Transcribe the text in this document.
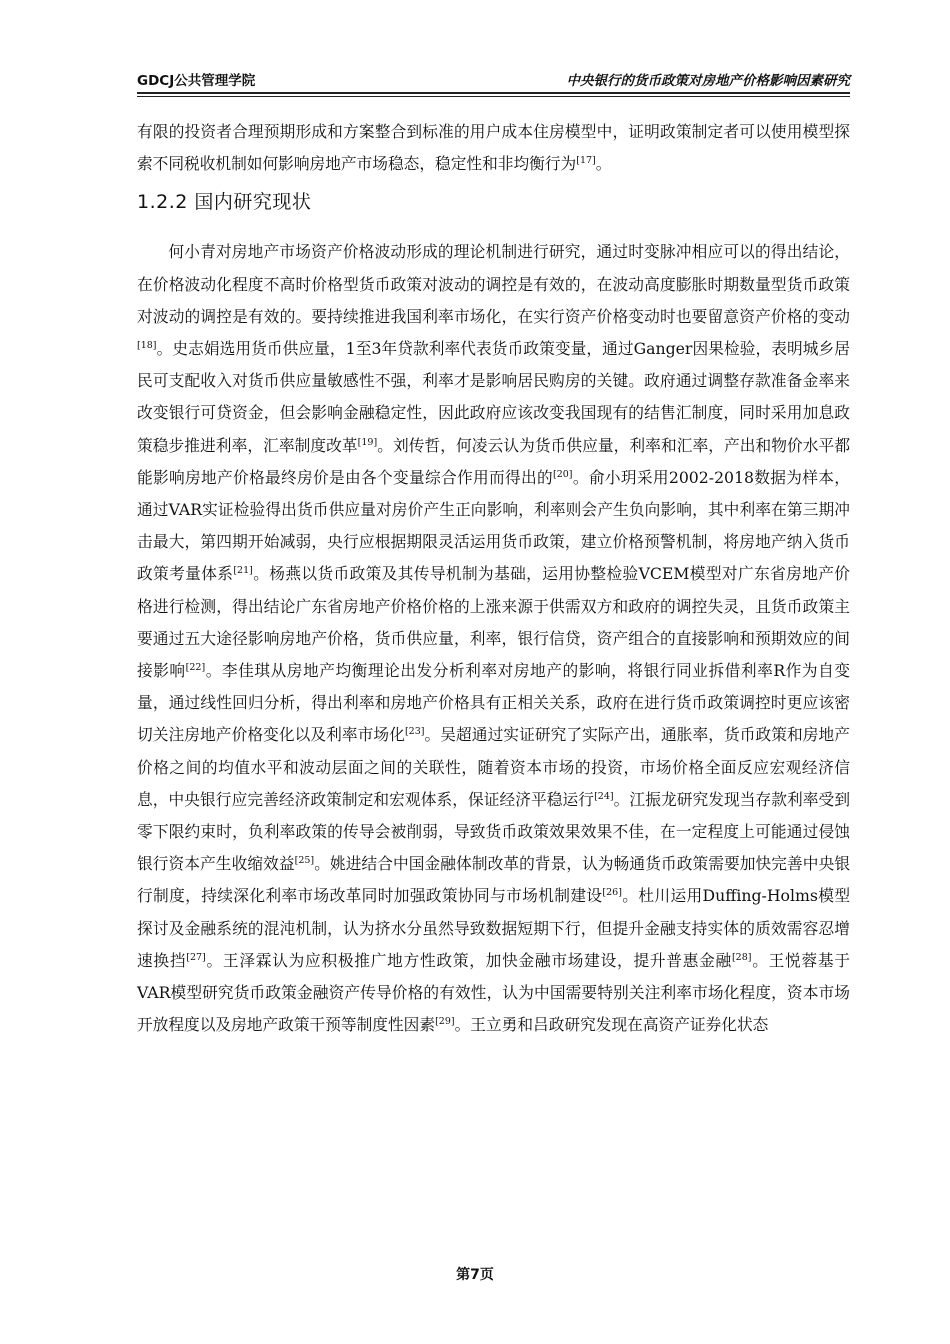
GDCJ公共管理学院	中央银行的货币政策对房地产价格影响因素研究

有限的投资者合理预期形成和方案整合到标准的用户成本住房模型中，证明政策制定者可以使用模型探索不同税收机制如何影响房地产市场稳态，稳定性和非均衡行为[17]。

1.2.2 国内研究现状

何小青对房地产市场资产价格波动形成的理论机制进行研究，通过时变脉冲相应可以的得出结论，在价格波动化程度不高时价格型货币政策对波动的调控是有效的，在波动高度膨胀时期数量型货币政策对波动的调控是有效的。要持续推进我国利率市场化，在实行资产价格变动时也要留意资产价格的变动[18]。史志娟选用货币供应量，1至3年贷款利率代表货币政策变量，通过Ganger因果检验，表明城乡居民可支配收入对货币供应量敏感性不强，利率才是影响居民购房的关键。政府通过调整存款准备金率来改变银行可贷资金，但会影响金融稳定性，因此政府应该改变我国现有的结售汇制度，同时采用加息政策稳步推进利率，汇率制度改革[19]。刘传哲，何凌云认为货币供应量，利率和汇率，产出和物价水平都能影响房地产价格最终房价是由各个变量综合作用而得出的[20]。俞小玥采用2002-2018数据为样本，通过VAR实证检验得出货币供应量对房价产生正向影响，利率则会产生负向影响，其中利率在第三期冲击最大，第四期开始减弱，央行应根据期限灵活运用货币政策，建立价格预警机制，将房地产纳入货币政策考量体系[21]。杨燕以货币政策及其传导机制为基础，运用协整检验VCEM模型对广东省房地产价格进行检测，得出结论广东省房地产价格价格的上涨来源于供需双方和政府的调控失灵，且货币政策主要通过五大途径影响房地产价格，货币供应量，利率，银行信贷，资产组合的直接影响和预期效应的间接影响[22]。李佳琪从房地产均衡理论出发分析利率对房地产的影响，将银行同业拆借利率R作为自变量，通过线性回归分析，得出利率和房地产价格具有正相关关系，政府在进行货币政策调控时更应该密切关注房地产价格变化以及利率市场化[23]。吴超通过实证研究了实际产出，通胀率，货币政策和房地产价格之间的均值水平和波动层面之间的关联性，随着资本市场的投资，市场价格全面反应宏观经济信息，中央银行应完善经济政策制定和宏观体系，保证经济平稳运行[24]。江振龙研究发现当存款利率受到零下限约束时，负利率政策的传导会被削弱，导致货币政策效果效果不佳，在一定程度上可能通过侵蚀银行资本产生收缩效益[25]。姚进结合中国金融体制改革的背景，认为畅通货币政策需要加快完善中央银行制度，持续深化利率市场改革同时加强政策协同与市场机制建设[26]。杜川运用Duffing-Holms模型探讨及金融系统的混沌机制，认为挤水分虽然导致数据短期下行，但提升金融支持实体的质效需容忍增速换挡[27]。王泽霖认为应积极推广地方性政策，加快金融市场建设，提升普惠金融[28]。王悦蓉基于VAR模型研究货币政策金融资产传导价格的有效性，认为中国需要特别关注利率市场化程度，资本市场开放程度以及房地产政策干预等制度性因素[29]。王立勇和吕政研究发现在高资产证券化状态

第7页
